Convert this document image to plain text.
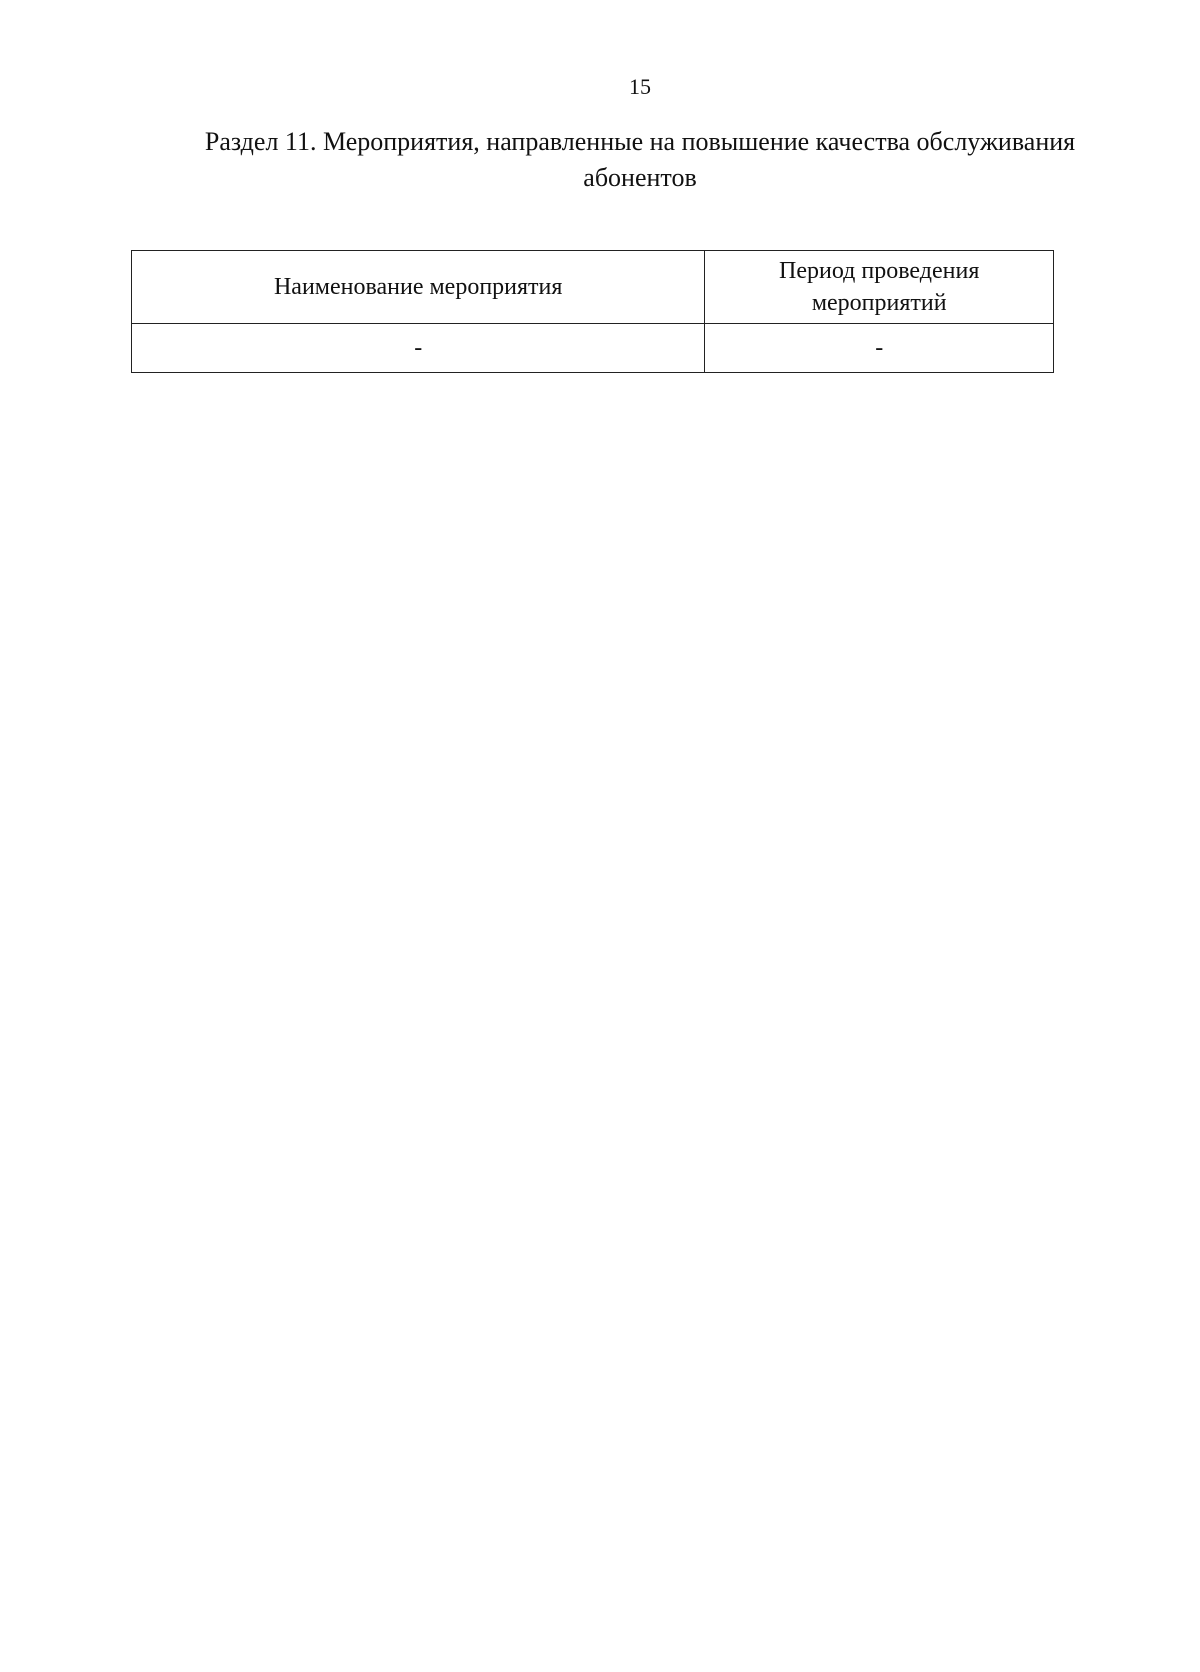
15
Раздел 11. Мероприятия, направленные на повышение качества обслуживания
абонентов
Наименование мероприятия	Период проведения
мероприятий

-	-
